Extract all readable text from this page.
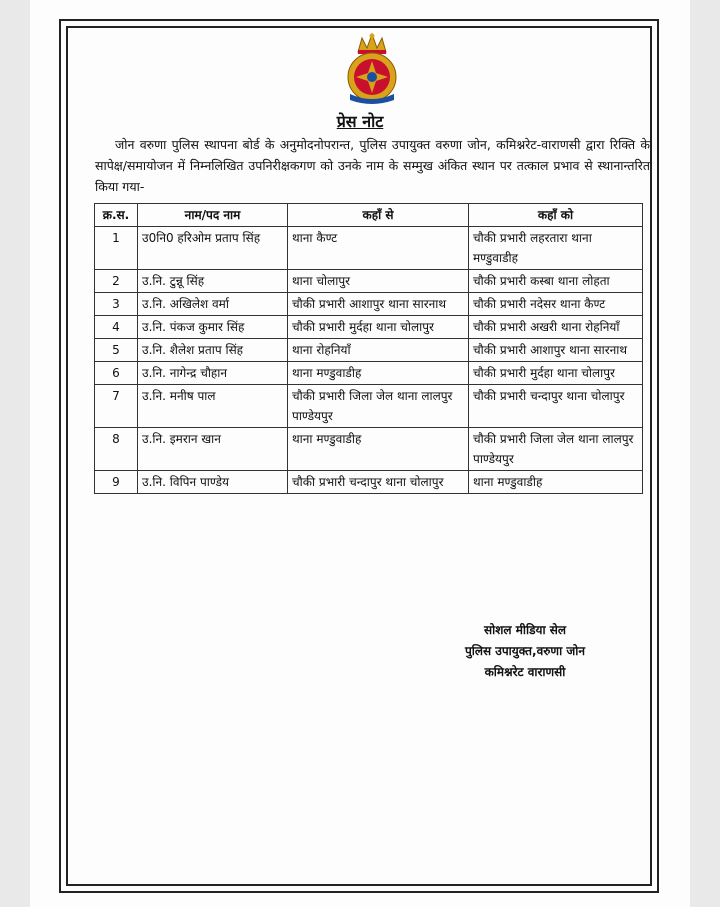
प्रेस नोट
जोन वरुणा पुलिस स्थापना बोर्ड के अनुमोदनोपरान्त, पुलिस उपायुक्त वरुणा जोन, कमिश्नरेट-वाराणसी द्वारा रिक्ति के सापेक्ष/समायोजन में निम्नलिखित उपनिरीक्षकगण को उनके नाम के सम्मुख अंकित स्थान पर तत्काल प्रभाव से स्थानान्तरित किया गया-
क्र.स.	नाम/पद नाम	कहाँ से	कहाँ को
1	उ0नि0 हरिओम प्रताप सिंह	थाना कैण्ट	चौकी प्रभारी लहरतारा थाना मण्डुवाडीह
2	उ.नि. टुन्नू सिंह	थाना चोलापुर	चौकी प्रभारी कस्बा थाना लोहता
3	उ.नि. अखिलेश वर्मा	चौकी प्रभारी आशापुर थाना सारनाथ	चौकी प्रभारी नदेसर थाना कैण्ट
4	उ.नि. पंकज कुमार सिंह	चौकी प्रभारी मुर्दहा थाना चोलापुर	चौकी प्रभारी अखरी थाना रोहनियाँ
5	उ.नि. शैलेश प्रताप सिंह	थाना रोहनियाँ	चौकी प्रभारी आशापुर थाना सारनाथ
6	उ.नि. नागेन्द्र चौहान	थाना मण्डुवाडीह	चौकी प्रभारी मुर्दहा थाना चोलापुर
7	उ.नि. मनीष पाल	चौकी प्रभारी जिला जेल थाना लालपुर पाण्डेयपुर	चौकी प्रभारी चन्दापुर थाना चोलापुर
8	उ.नि. इमरान खान	थाना मण्डुवाडीह	चौकी प्रभारी जिला जेल थाना लालपुर पाण्डेयपुर
9	उ.नि. विपिन पाण्डेय	चौकी प्रभारी चन्दापुर थाना चोलापुर	थाना मण्डुवाडीह
सोशल मीडिया सेल
पुलिस उपायुक्त,वरुणा जोन
कमिश्नरेट वाराणसी
